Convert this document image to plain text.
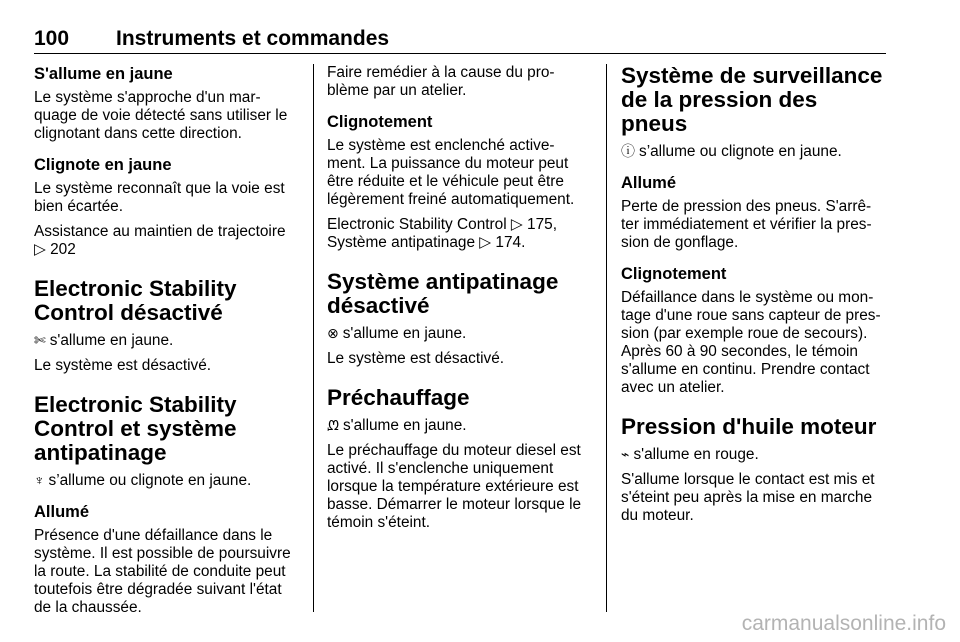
100 Instruments et commandes
S'allume en jaune

Le système s'approche d'un mar-quage de voie détecté sans utiliser le clignotant dans cette direction.

Clignote en jaune

Le système reconnaît que la voie est bien écartée.

Assistance au maintien de trajectoire
▷ 202

Electronic Stability Control désactivé

✄ s'allume en jaune.

Le système est désactivé.

Electronic Stability Control et système antipatinage

♆ s’allume ou clignote en jaune.

Allumé

Présence d'une défaillance dans le système. Il est possible de poursuivre la route. La stabilité de conduite peut toutefois être dégradée suivant l'état de la chaussée.

Faire remédier à la cause du pro-blème par un atelier.

Clignotement

Le système est enclenché active-ment. La puissance du moteur peut être réduite et le véhicule peut être légèrement freiné automatiquement.

Electronic Stability Control ▷ 175,
Système antipatinage ▷ 174.

Système antipatinage désactivé

⊗ s'allume en jaune.

Le système est désactivé.

Préchauffage

ᘻ s'allume en jaune.

Le préchauffage du moteur diesel est activé. Il s'enclenche uniquement lorsque la température extérieure est basse. Démarrer le moteur lorsque le témoin s'éteint.

Système de surveillance de la pression des pneus

ⓘ s’allume ou clignote en jaune.

Allumé

Perte de pression des pneus. S'arrê-ter immédiatement et vérifier la pres-sion de gonflage.

Clignotement

Défaillance dans le système ou mon-tage d'une roue sans capteur de pres-sion (par exemple roue de secours). Après 60 à 90 secondes, le témoin s'allume en continu. Prendre contact avec un atelier.

Pression d'huile moteur

⌁ s'allume en rouge.

S'allume lorsque le contact est mis et s'éteint peu après la mise en marche du moteur.

carmanualsonline.info
